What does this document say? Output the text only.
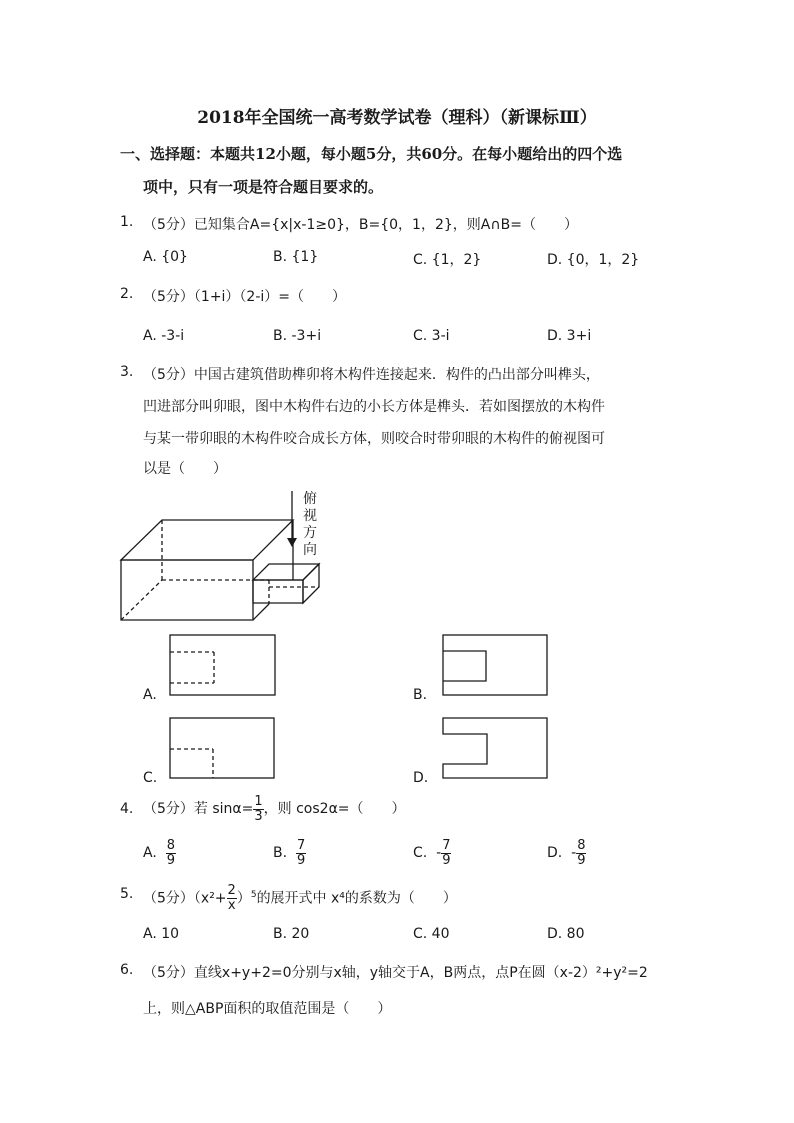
2018年全国统一高考数学试卷（理科）（新课标Ⅲ）
一、选择题：本题共12小题，每小题5分，共60分。在每小题给出的四个选
项中，只有一项是符合题目要求的。
1. （5分）已知集合A={x|x-1≥0}，B={0，1，2}，则A∩B=（　　）
A. {0}	B. {1}	C. {1，2}	D. {0，1，2}
2. （5分）（1+i）（2-i）=（　　）
A. -3-i	B. -3+i	C. 3-i	D. 3+i
3. （5分）中国古建筑借助榫卯将木构件连接起来．构件的凸出部分叫榫头，
凹进部分叫卯眼，图中木构件右边的小长方体是榫头．若如图摆放的木构件
与某一带卯眼的木构件咬合成长方体，则咬合时带卯眼的木构件的俯视图可
以是（　　）
俯
视
方
向
A.	B.
C.	D.
4. （5分）若 $\sin\alpha= \frac{1}{3}$ ，则 cos2α=（　　）
A. $\frac{8}{9}$	B. $\frac{7}{9}$	C. - $\frac{7}{9}$	D. - $\frac{8}{9}$
5. （5分）$(x^2+ \frac{2}{x} )^5$的展开式中 x⁴的系数为（　　）
A. 10	B. 20	C. 40	D. 80
6. （5分）直线x+y+2=0分别与x轴，y轴交于A，B两点，点P在圆（x-2）²+y²=2
上，则△ABP面积的取值范围是（　　）
